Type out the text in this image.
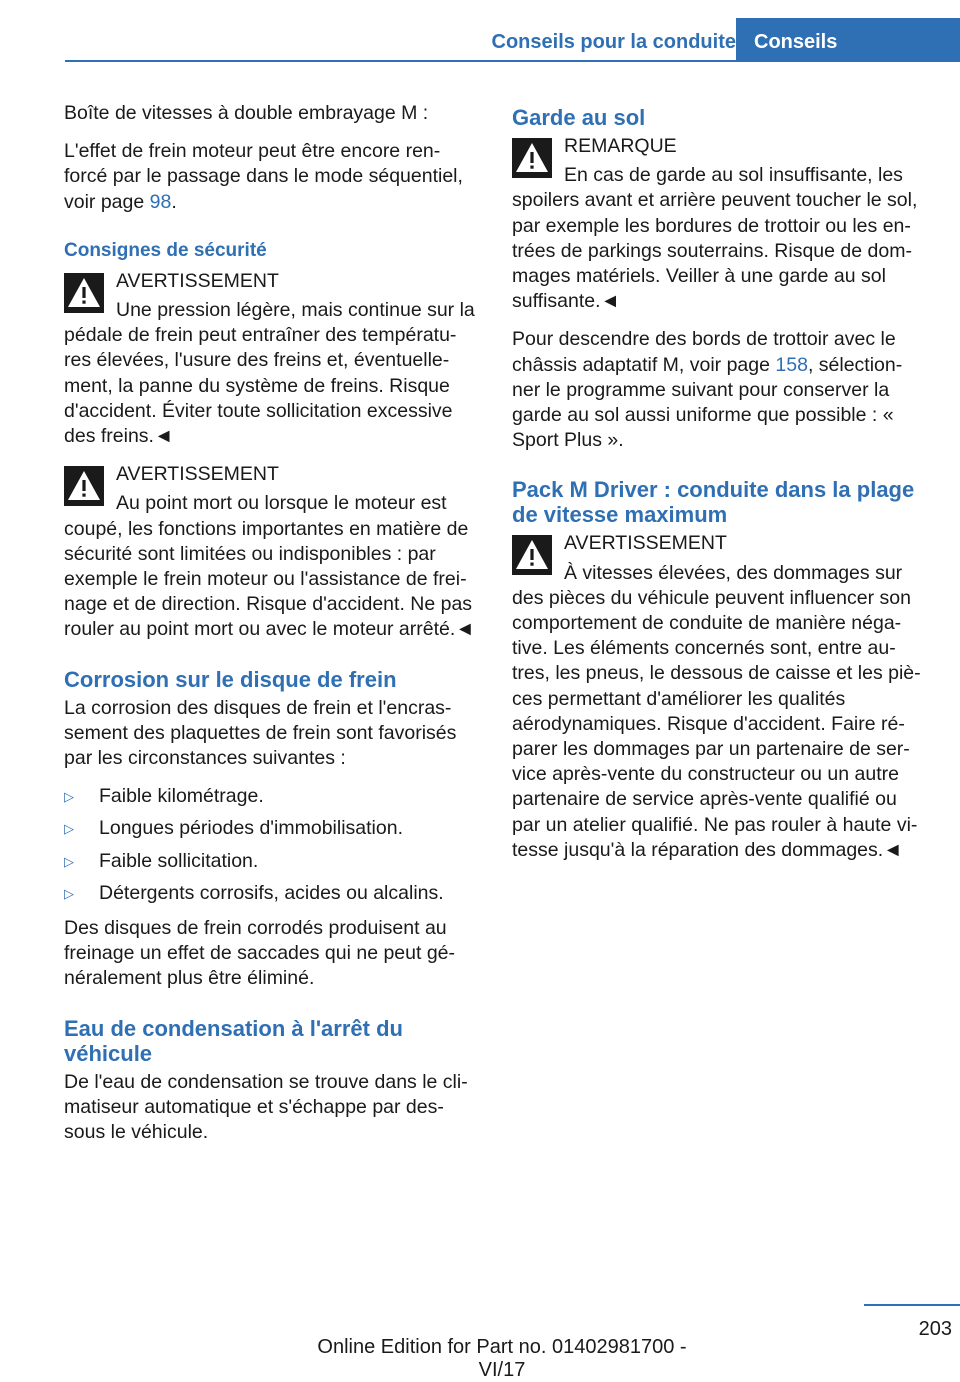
Conseils pour la conduite Conseils

Boîte de vitesses à double embrayage M :

L'effet de frein moteur peut être encore ren-forcé par le passage dans le mode séquentiel, voir page 98.

Consignes de sécurité
AVERTISSEMENT
Une pression légère, mais continue sur la pédale de frein peut entraîner des températu-res élevées, l'usure des freins et, éventuelle-ment, la panne du système de freins. Risque d'accident. Éviter toute sollicitation excessive des freins.◄
AVERTISSEMENT
Au point mort ou lorsque le moteur est coupé, les fonctions importantes en matière de sécurité sont limitées ou indisponibles : par exemple le frein moteur ou l'assistance de frei-nage et de direction. Risque d'accident. Ne pas rouler au point mort ou avec le moteur arrêté.◄
Corrosion sur le disque de frein

La corrosion des disques de frein et l'encras-sement des plaquettes de frein sont favorisés par les circonstances suivantes :

▷ Faible kilométrage.
▷ Longues périodes d'immobilisation.
▷ Faible sollicitation.
▷ Détergents corrosifs, acides ou alcalins.

Des disques de frein corrodés produisent au freinage un effet de saccades qui ne peut gé-néralement plus être éliminé.

Eau de condensation à l'arrêt du véhicule

De l'eau de condensation se trouve dans le cli-matiseur automatique et s'échappe par des-sous le véhicule.

Garde au sol
REMARQUE
En cas de garde au sol insuffisante, les spoilers avant et arrière peuvent toucher le sol, par exemple les bordures de trottoir ou les en-trées de parkings souterrains. Risque de dom-mages matériels. Veiller à une garde au sol suffisante.◄

Pour descendre des bords de trottoir avec le châssis adaptatif M, voir page 158, sélection-ner le programme suivant pour conserver la garde au sol aussi uniforme que possible : « Sport Plus ».

Pack M Driver : conduite dans la plage de vitesse maximum
AVERTISSEMENT
À vitesses élevées, des dommages sur des pièces du véhicule peuvent influencer son comportement de conduite de manière néga-tive. Les éléments concernés sont, entre au-tres, les pneus, le dessous de caisse et les piè-ces permettant d'améliorer les qualités aérodynamiques. Risque d'accident. Faire ré-parer les dommages par un partenaire de ser-vice après-vente du constructeur ou un autre partenaire de service après-vente qualifié ou par un atelier qualifié. Ne pas rouler à haute vi-tesse jusqu'à la réparation des dommages.◄
203
Online Edition for Part no. 01402981700 - VI/17
